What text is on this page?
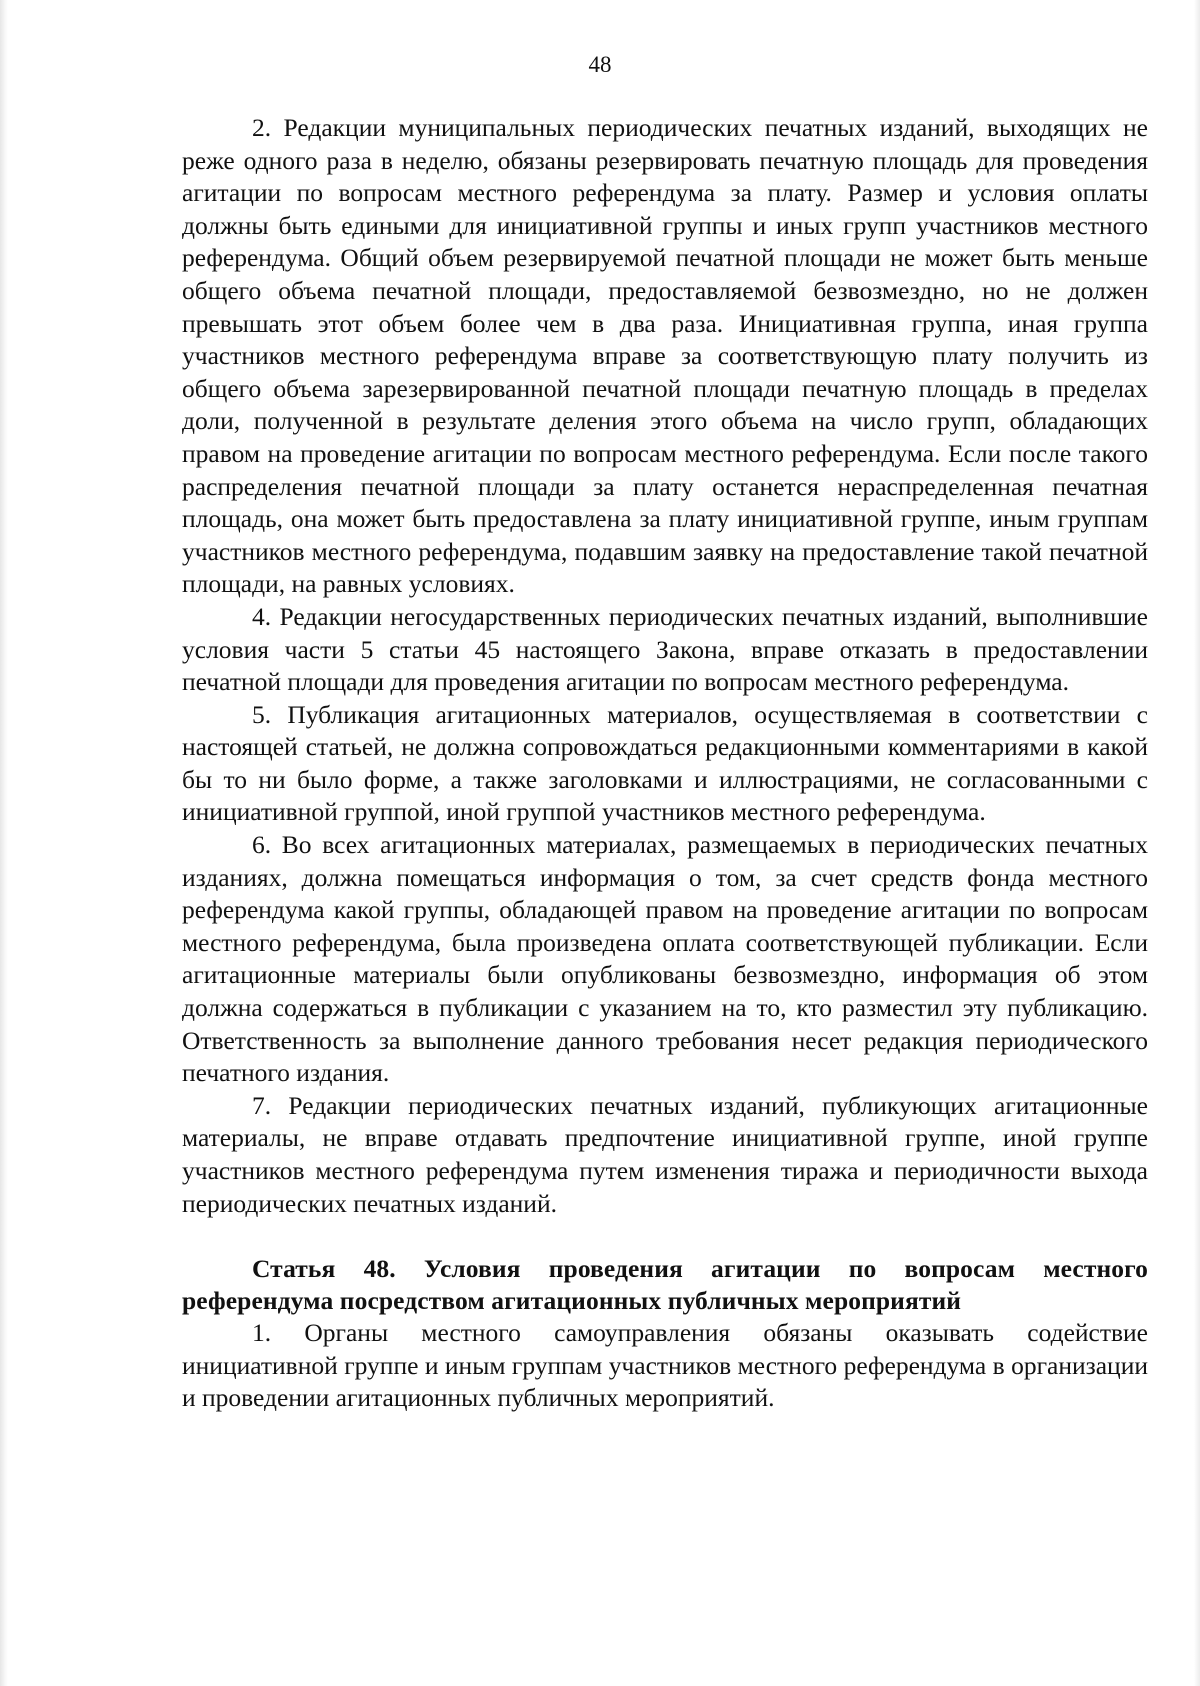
48

2. Редакции муниципальных периодических печатных изданий, выходящих не реже одного раза в неделю, обязаны резервировать печатную площадь для проведения агитации по вопросам местного референдума за плату. Размер и условия оплаты должны быть едиными для инициативной группы и иных групп участников местного референдума. Общий объем резервируемой печатной площади не может быть меньше общего объема печатной площади, предоставляемой безвозмездно, но не должен превышать этот объем более чем в два раза. Инициативная группа, иная группа участников местного референдума вправе за соответствующую плату получить из общего объема зарезервированной печатной площади печатную площадь в пределах доли, полученной в результате деления этого объема на число групп, обладающих правом на проведение агитации по вопросам местного референдума. Если после такого распределения печатной площади за плату останется нераспределенная печатная площадь, она может быть предоставлена за плату инициативной группе, иным группам участников местного референдума, подавшим заявку на предоставление такой печатной площади, на равных условиях.

4. Редакции негосударственных периодических печатных изданий, выполнившие условия части 5 статьи 45 настоящего Закона, вправе отказать в предоставлении печатной площади для проведения агитации по вопросам местного референдума.

5. Публикация агитационных материалов, осуществляемая в соответствии с настоящей статьей, не должна сопровождаться редакционными комментариями в какой бы то ни было форме, а также заголовками и иллюстрациями, не согласованными с инициативной группой, иной группой участников местного референдума.

6. Во всех агитационных материалах, размещаемых в периодических печатных изданиях, должна помещаться информация о том, за счет средств фонда местного референдума какой группы, обладающей правом на проведение агитации по вопросам местного референдума, была произведена оплата соответствующей публикации. Если агитационные материалы были опубликованы безвозмездно, информация об этом должна содержаться в публикации с указанием на то, кто разместил эту публикацию. Ответственность за выполнение данного требования несет редакция периодического печатного издания.

7. Редакции периодических печатных изданий, публикующих агитационные материалы, не вправе отдавать предпочтение инициативной группе, иной группе участников местного референдума путем изменения тиража и периодичности выхода периодических печатных изданий.

Статья 48. Условия проведения агитации по вопросам местного референдума посредством агитационных публичных мероприятий

1. Органы местного самоуправления обязаны оказывать содействие инициативной группе и иным группам участников местного референдума в организации и проведении агитационных публичных мероприятий.
